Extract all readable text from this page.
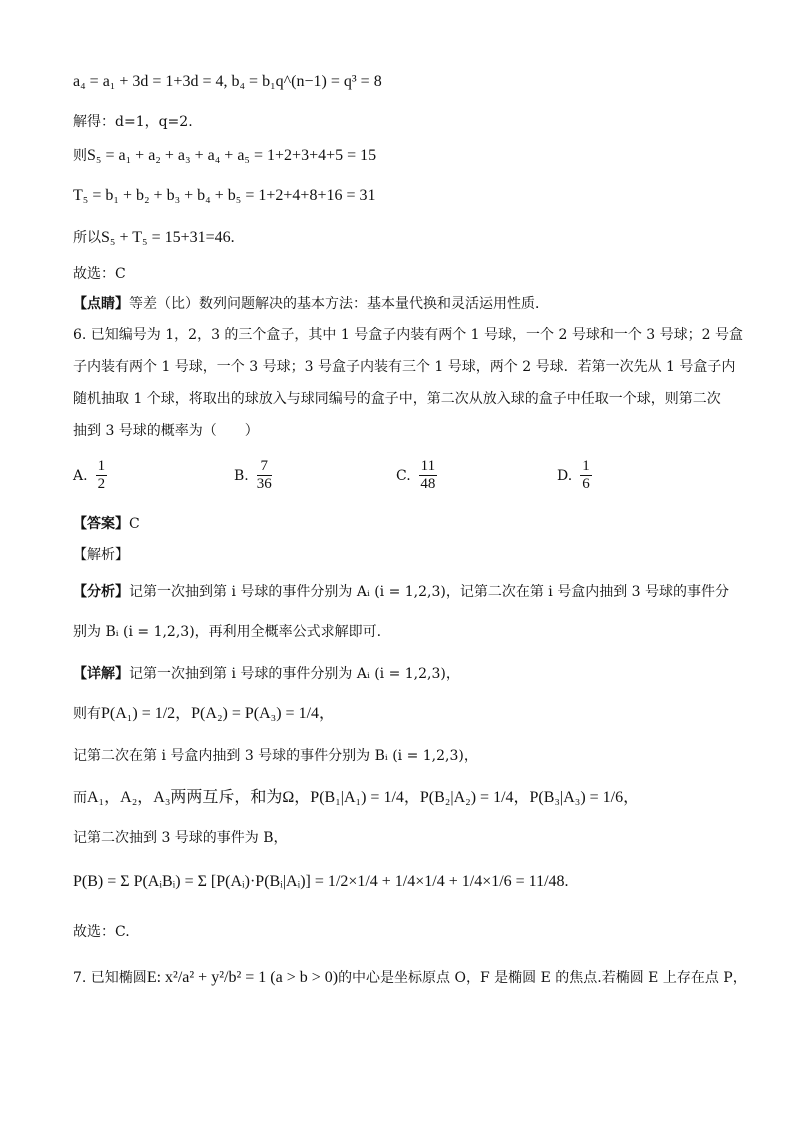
a₄ = a₁ + 3d = 1+3d = 4, b₄ = b₁q^(n−1) = q³ = 8
解得：d=1，q=2.
则S₅ = a₁ + a₂ + a₃ + a₄ + a₅ = 1+2+3+4+5 = 15
T₅ = b₁ + b₂ + b₃ + b₄ + b₅ = 1+2+4+8+16 = 31
所以S₅ + T₅ = 15+31=46.
故选：C
【点睛】等差（比）数列问题解决的基本方法：基本量代换和灵活运用性质．
6. 已知编号为 1，2，3 的三个盒子，其中 1 号盒子内装有两个 1 号球，一个 2 号球和一个 3 号球；2 号盒
子内装有两个 1 号球，一个 3 号球；3 号盒子内装有三个 1 号球，两个 2 号球．若第一次先从 1 号盒子内
随机抽取 1 个球，将取出的球放入与球同编号的盒子中，第二次从放入球的盒子中任取一个球，则第二次
抽到 3 号球的概率为（　　）
A. $\frac{1}{2}$	B. $\frac{7}{36}$	C. $\frac{11}{48}$	D. $\frac{1}{6}$
【答案】C
【解析】
【分析】记第一次抽到第 i 号球的事件分别为 Aᵢ (i = 1,2,3)，记第二次在第 i 号盒内抽到 3 号球的事件分
别为 Bᵢ (i = 1,2,3)，再利用全概率公式求解即可.
【详解】记第一次抽到第 i 号球的事件分别为 Aᵢ (i = 1,2,3)，
则有P(A₁) = 1/2，P(A₂) = P(A₃) = 1/4，
记第二次在第 i 号盒内抽到 3 号球的事件分别为 Bᵢ (i = 1,2,3)，
而A₁，A₂，A₃两两互斥，和为Ω，P(B₁|A₁) = 1/4，P(B₂|A₂) = 1/4，P(B₃|A₃) = 1/6，
记第二次抽到 3 号球的事件为 B，
P(B) = Σ P(AᵢBᵢ) = Σ [P(Aᵢ)·P(Bᵢ|Aᵢ)] = 1/2×1/4 + 1/4×1/4 + 1/4×1/6 = 11/48.
故选：C.
7. 已知椭圆E: x²/a² + y²/b² = 1 (a > b > 0)的中心是坐标原点 O，F 是椭圆 E 的焦点.若椭圆 E 上存在点 P，
